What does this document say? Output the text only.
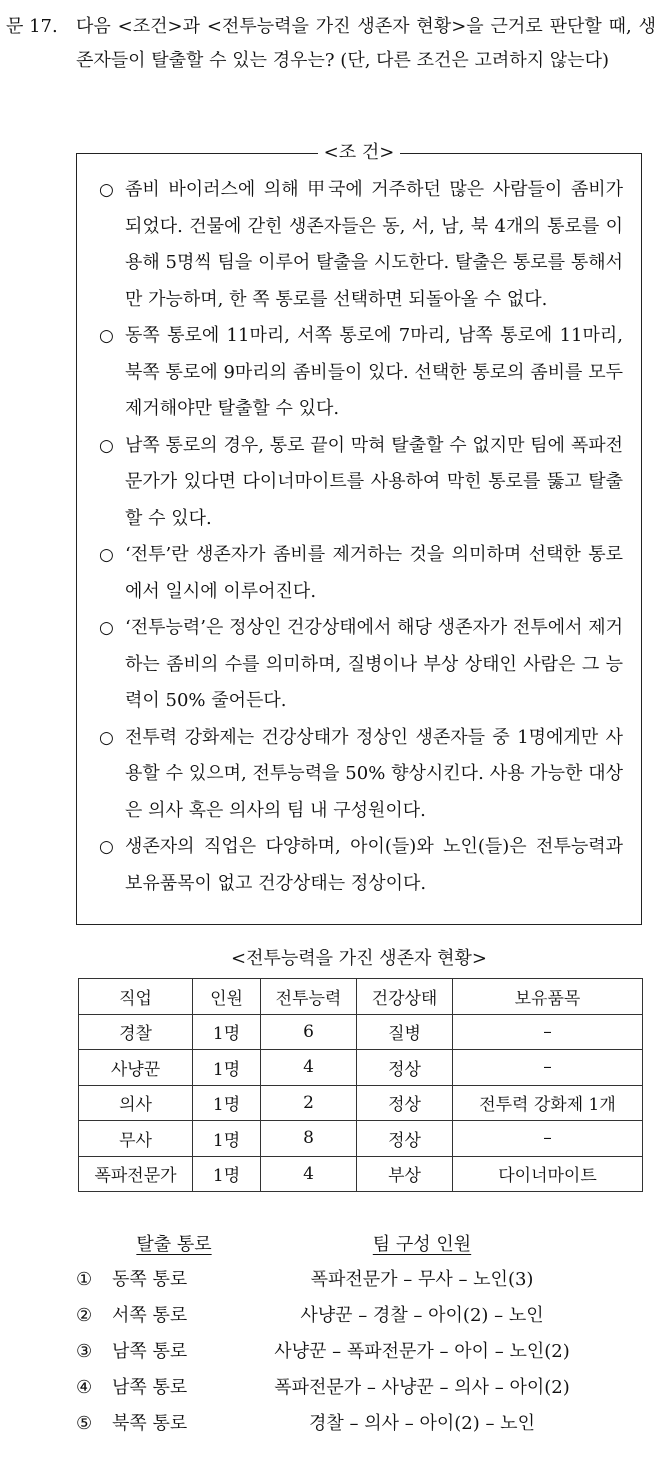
문 17.	다음 <조건>과 <전투능력을 가진 생존자 현황>을 근거로 판단할 때, 생존자들이 탈출할 수 있는 경우는? (단, 다른 조건은 고려하지 않는다)
<조 건>
○ 좀비 바이러스에 의해 甲국에 거주하던 많은 사람들이 좀비가 되었다. 건물에 갇힌 생존자들은 동, 서, 남, 북 4개의 통로를 이용해 5명씩 팀을 이루어 탈출을 시도한다. 탈출은 통로를 통해서만 가능하며, 한 쪽 통로를 선택하면 되돌아올 수 없다.
○ 동쪽 통로에 11마리, 서쪽 통로에 7마리, 남쪽 통로에 11마리, 북쪽 통로에 9마리의 좀비들이 있다. 선택한 통로의 좀비를 모두 제거해야만 탈출할 수 있다.
○ 남쪽 통로의 경우, 통로 끝이 막혀 탈출할 수 없지만 팀에 폭파전문가가 있다면 다이너마이트를 사용하여 막힌 통로를 뚫고 탈출할 수 있다.
○ ‘전투’란 생존자가 좀비를 제거하는 것을 의미하며 선택한 통로에서 일시에 이루어진다.
○ ‘전투능력’은 정상인 건강상태에서 해당 생존자가 전투에서 제거하는 좀비의 수를 의미하며, 질병이나 부상 상태인 사람은 그 능력이 50% 줄어든다.
○ 전투력 강화제는 건강상태가 정상인 생존자들 중 1명에게만 사용할 수 있으며, 전투능력을 50% 향상시킨다. 사용 가능한 대상은 의사 혹은 의사의 팀 내 구성원이다.
○ 생존자의 직업은 다양하며, 아이(들)와 노인(들)은 전투능력과 보유품목이 없고 건강상태는 정상이다.
<전투능력을 가진 생존자 현황>
직업	인원	전투능력	건강상태	보유품목
경찰	1명	6	질병	–
사냥꾼	1명	4	정상	–
의사	1명	2	정상	전투력 강화제 1개
무사	1명	8	정상	–
폭파전문가	1명	4	부상	다이너마이트
탈출 통로	팀 구성 인원
①	동쪽 통로	폭파전문가 – 무사 – 노인(3)
②	서쪽 통로	사냥꾼 – 경찰 – 아이(2) – 노인
③	남쪽 통로	사냥꾼 – 폭파전문가 – 아이 – 노인(2)
④	남쪽 통로	폭파전문가 – 사냥꾼 – 의사 – 아이(2)
⑤	북쪽 통로	경찰 – 의사 – 아이(2) – 노인
